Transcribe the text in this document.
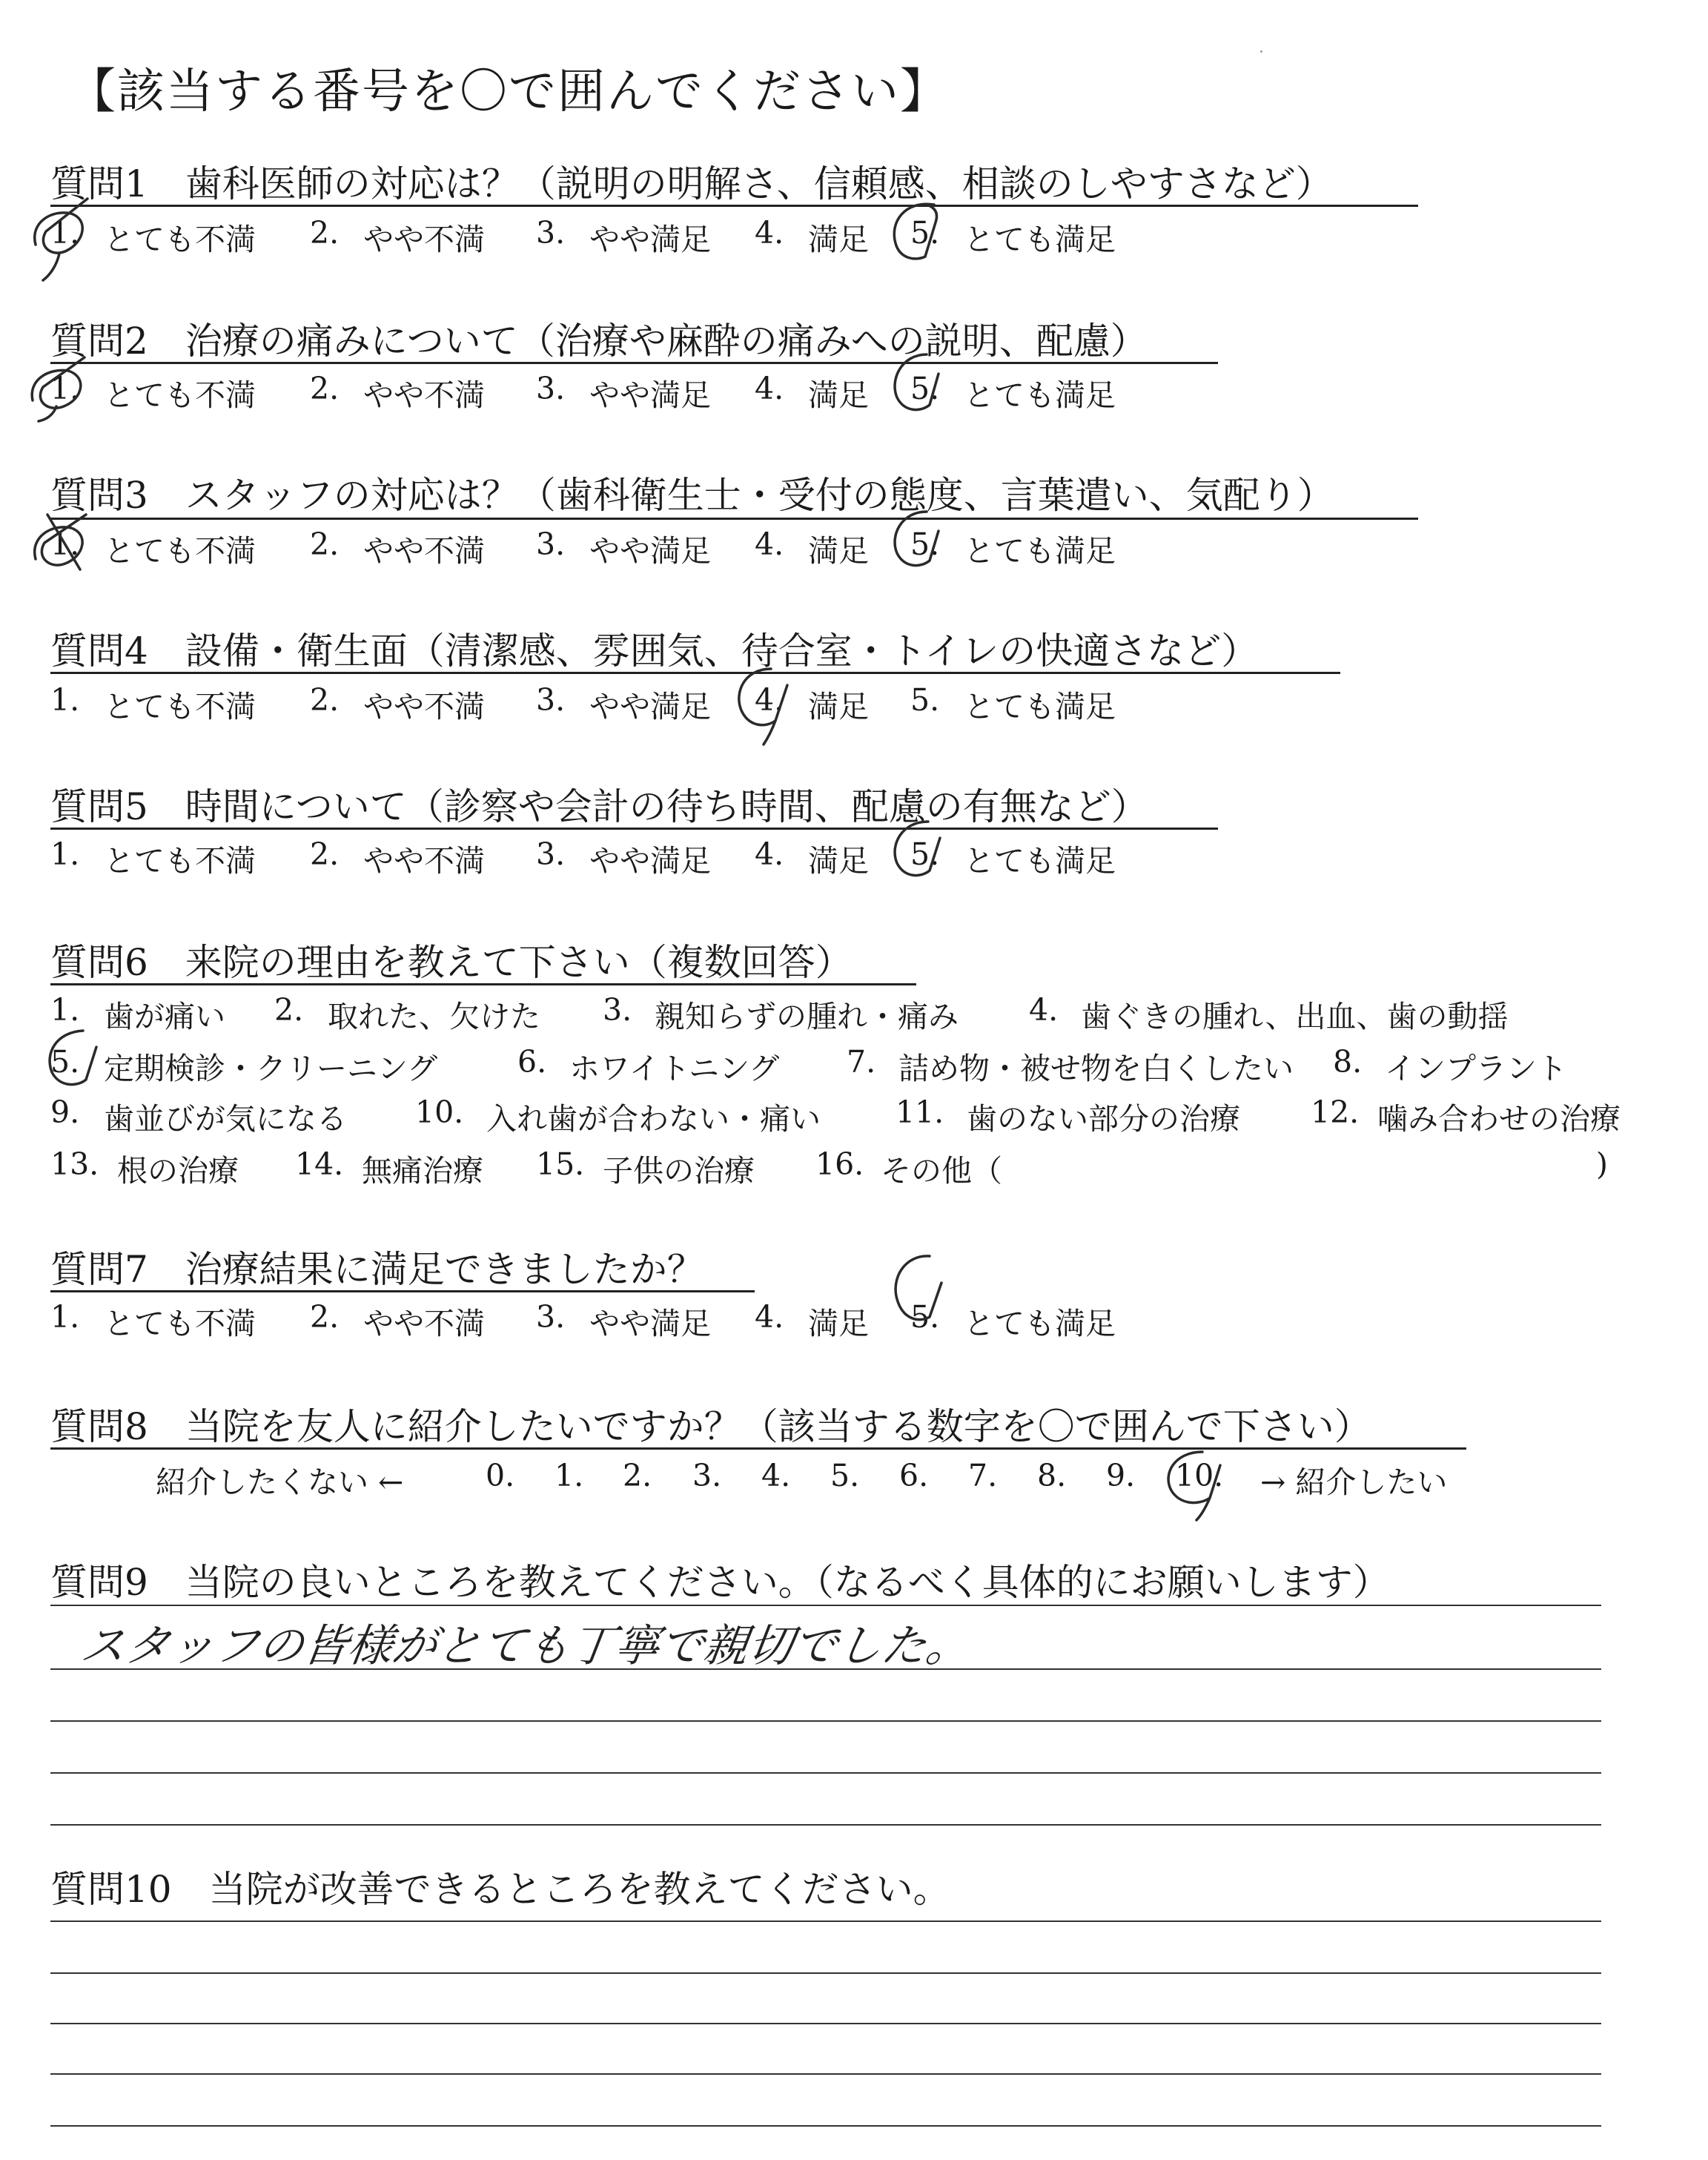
【該当する番号を〇で囲んでください】
質問1　歯科医師の対応は？（説明の明解さ、信頼感、相談のしやすさなど）
1. とても不満 2. やや不満 3. やや満足 4. 満足 5. とても満足
質問2　治療の痛みについて（治療や麻酔の痛みへの説明、配慮）
1. とても不満 2. やや不満 3. やや満足 4. 満足 5. とても満足
質問3　スタッフの対応は？（歯科衛生士・受付の態度、言葉遣い、気配り）
1. とても不満 2. やや不満 3. やや満足 4. 満足 5. とても満足
質問4　設備・衛生面（清潔感、雰囲気、待合室・トイレの快適さなど）
1. とても不満 2. やや不満 3. やや満足 4. 満足 5. とても満足
質問5　時間について（診察や会計の待ち時間、配慮の有無など）
1. とても不満 2. やや不満 3. やや満足 4. 満足 5. とても満足
質問6　来院の理由を教えて下さい（複数回答）
1. 歯が痛い 2. 取れた、欠けた 3. 親知らずの腫れ・痛み 4. 歯ぐきの腫れ、出血、歯の動揺
5. 定期検診・クリーニング	6. ホワイトニング 7. 詰め物・被せ物を白くしたい 8. インプラント
9. 歯並びが気になる 10. 入れ歯が合わない・痛い 11. 歯のない部分の治療 12. 噛み合わせの治療
13. 根の治療 14. 無痛治療 15. 子供の治療 16. その他（	)
質問7　治療結果に満足できましたか？
1. とても不満 2. やや不満 3. やや満足 4. 満足 5. とても満足
質問8　当院を友人に紹介したいですか？（該当する数字を〇で囲んで下さい）
紹介したくない ←	0. 1. 2. 3. 4. 5. 6. 7. 8. 9. 10. → 紹介したい
質問9　当院の良いところを教えてください。（なるべく具体的にお願いします）
スタッフの皆様がとても丁寧で親切でした。
質問10　当院が改善できるところを教えてください。
